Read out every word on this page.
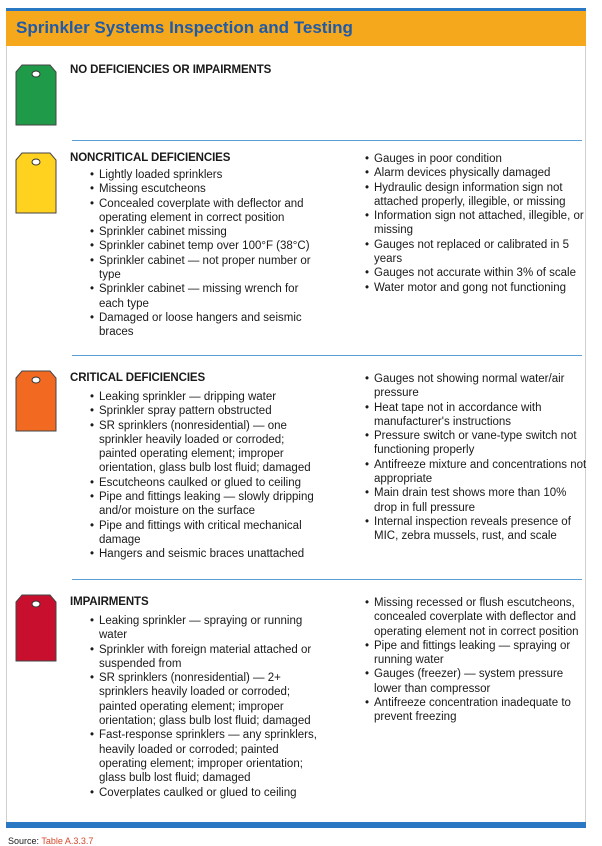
Sprinkler Systems Inspection and Testing
NO DEFICIENCIES OR IMPAIRMENTS
NONCRITICAL DEFICIENCIES
• Lightly loaded sprinklers
• Missing escutcheons
• Concealed coverplate with deflector and operating element in correct position
• Sprinkler cabinet missing
• Sprinkler cabinet temp over 100°F (38°C)
• Sprinkler cabinet — not proper number or type
• Sprinkler cabinet — missing wrench for each type
• Damaged or loose hangers and seismic braces
• Gauges in poor condition
• Alarm devices physically damaged
• Hydraulic design information sign not attached properly, illegible, or missing
• Information sign not attached, illegible, or missing
• Gauges not replaced or calibrated in 5 years
• Gauges not accurate within 3% of scale
• Water motor and gong not functioning
CRITICAL DEFICIENCIES
• Leaking sprinkler — dripping water
• Sprinkler spray pattern obstructed
• SR sprinklers (nonresidential) — one sprinkler heavily loaded or corroded; painted operating element; improper orientation, glass bulb lost fluid; damaged
• Escutcheons caulked or glued to ceiling
• Pipe and fittings leaking — slowly dripping and/or moisture on the surface
• Pipe and fittings with critical mechanical damage
• Hangers and seismic braces unattached
• Gauges not showing normal water/air pressure
• Heat tape not in accordance with manufacturer's instructions
• Pressure switch or vane-type switch not functioning properly
• Antifreeze mixture and concentrations not appropriate
• Main drain test shows more than 10% drop in full pressure
• Internal inspection reveals presence of MIC, zebra mussels, rust, and scale
IMPAIRMENTS
• Leaking sprinkler — spraying or running water
• Sprinkler with foreign material attached or suspended from
• SR sprinklers (nonresidential) — 2+ sprinklers heavily loaded or corroded; painted operating element; improper orientation; glass bulb lost fluid; damaged
• Fast-response sprinklers — any sprinklers, heavily loaded or corroded; painted operating element; improper orientation; glass bulb lost fluid; damaged
• Coverplates caulked or glued to ceiling
• Missing recessed or flush escutcheons, concealed coverplate with deflector and operating element not in correct position
• Pipe and fittings leaking — spraying or running water
• Gauges (freezer) — system pressure lower than compressor
• Antifreeze concentration inadequate to prevent freezing
Source: Table A.3.3.7
